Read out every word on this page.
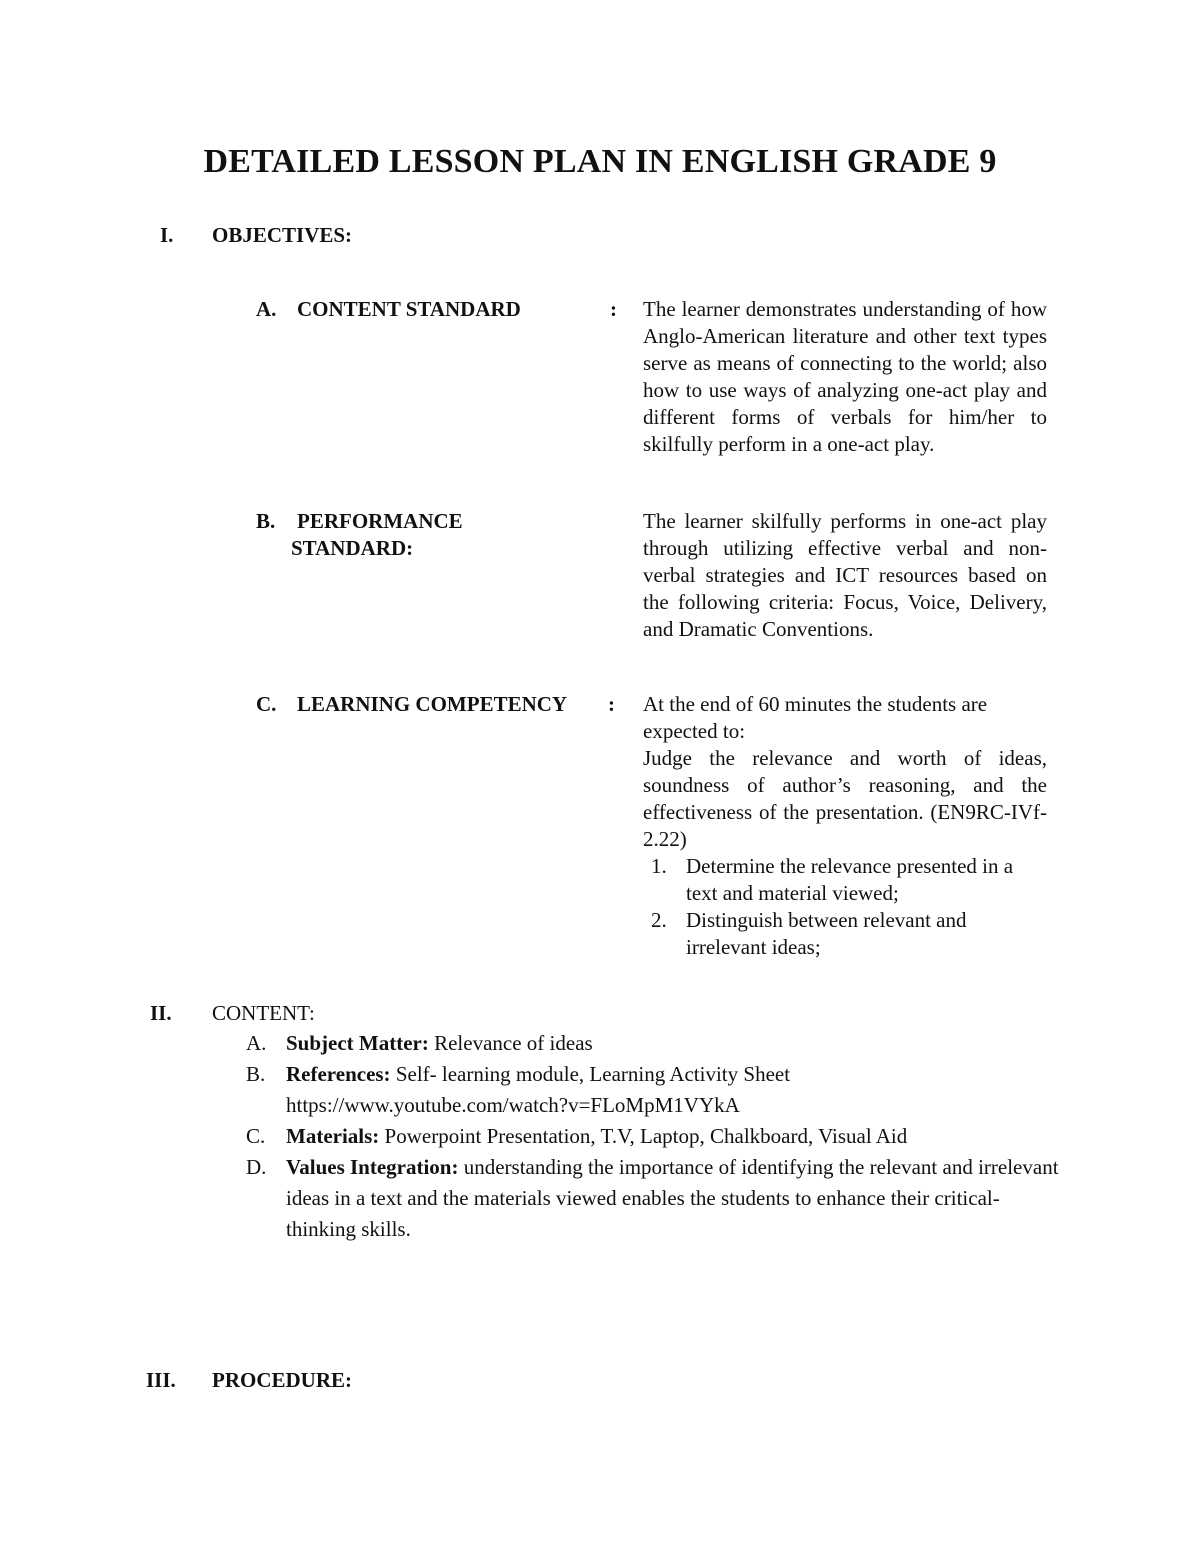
DETAILED LESSON PLAN IN ENGLISH GRADE 9
I. OBJECTIVES:
A. CONTENT STANDARD	: The learner demonstrates understanding of how Anglo-American literature and other text types serve as means of connecting to the world; also how to use ways of analyzing one-act play and different forms of verbals for him/her to skilfully perform in a one-act play.
B. PERFORMANCE
STANDARD:
The learner skilfully performs in one-act play through utilizing effective verbal and non-verbal strategies and ICT resources based on the following criteria: Focus, Voice, Delivery, and Dramatic Conventions.
C. LEARNING COMPETENCY : At the end of 60 minutes the students are expected to:
Judge the relevance and worth of ideas, soundness of author’s reasoning, and the effectiveness of the presentation. (EN9RC-IVf-2.22)
1. Determine the relevance presented in a text and material viewed;
2. Distinguish between relevant and irrelevant ideas;
II. CONTENT:
A. Subject Matter: Relevance of ideas
B. References: Self- learning module, Learning Activity Sheet
https://www.youtube.com/watch?v=FLoMpM1VYkA
C. Materials: Powerpoint Presentation, T.V, Laptop, Chalkboard, Visual Aid
D. Values Integration: understanding the importance of identifying the relevant and irrelevant ideas in a text and the materials viewed enables the students to enhance their critical-thinking skills.
III. PROCEDURE:
